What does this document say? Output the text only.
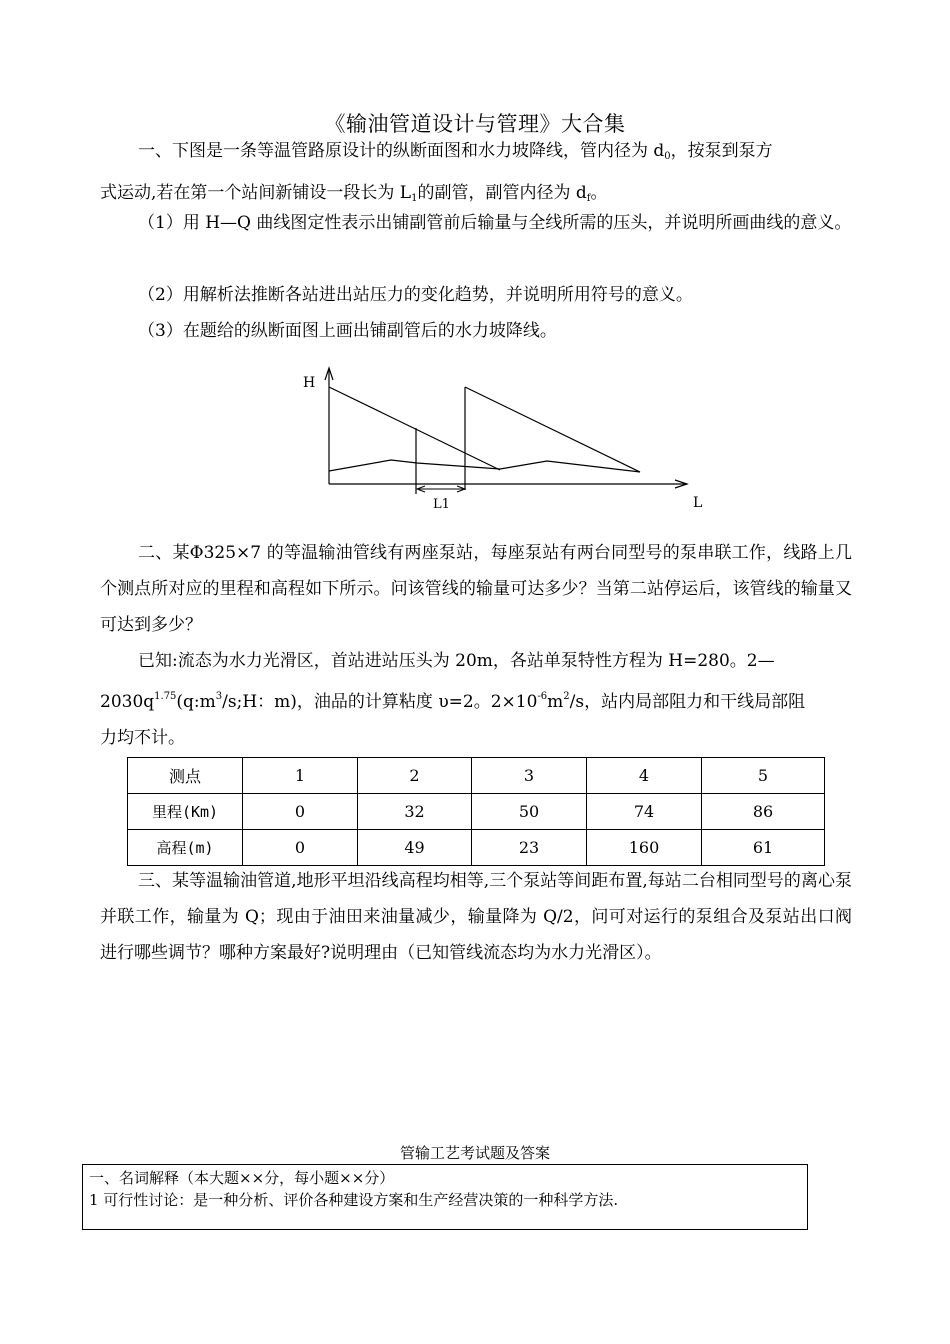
《输油管道设计与管理》大合集
一、下图是一条等温管路原设计的纵断面图和水力坡降线，管内径为 $d_0$，按泵到泵方
式运动,若在第一个站间新铺设一段长为 $L_1$的副管，副管内径为 $d_f$。
（1）用 H—Q 曲线图定性表示出铺副管前后输量与全线所需的压头，并说明所画曲线的意义。
（2）用解析法推断各站进出站压力的变化趋势，并说明所用符号的意义。
（3）在题给的纵断面图上画出铺副管后的水力坡降线。
H
L
L1
二、某Φ325×7 的等温输油管线有两座泵站，每座泵站有两台同型号的泵串联工作，线路上几个测点所对应的里程和高程如下所示。问该管线的输量可达多少？当第二站停运后，该管线的输量又可达到多少？
已知:流态为水力光滑区，首站进站压头为 20m，各站单泵特性方程为 H=280。2—
$2030q^{1.75}(q:m^3/s;H$：m)，油品的计算粘度 υ=2。$2\times 10^{-6}m^2/s$，站内局部阻力和干线局部阻
力均不计。
测点	1	2	3	4	5
里程(Km)	0	32	50	74	86
高程(m)	0	49	23	160	61
三、某等温输油管道,地形平坦沿线高程均相等,三个泵站等间距布置,每站二台相同型号的离心泵并联工作，输量为 Q；现由于油田来油量减少，输量降为 Q/2，问可对运行的泵组合及泵站出口阀进行哪些调节？哪种方案最好?说明理由（已知管线流态均为水力光滑区）。
管输工艺考试题及答案
一、名词解释（本大题××分，每小题××分）
1 可行性讨论：是一种分析、评价各种建设方案和生产经营决策的一种科学方法.
